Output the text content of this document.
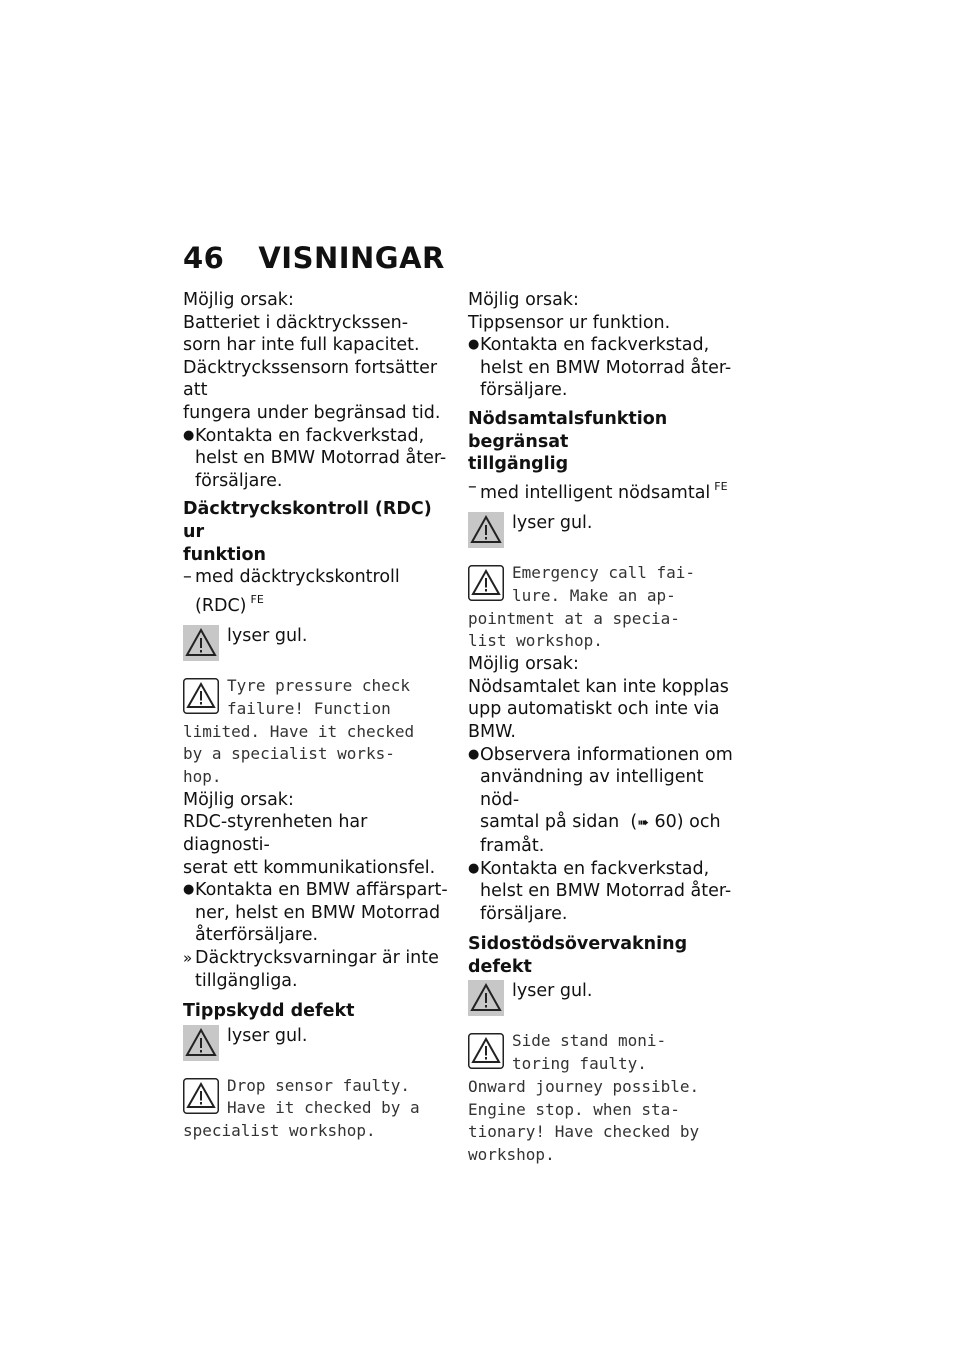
46 VISNINGAR

Möjlig orsak:

Batteriet i däcktryckssen-

sorn har inte full kapacitet.

Däcktryckssensorn fortsätter att

fungera under begränsad tid.

● Kontakta en fackverkstad,

helst en BMW Motorrad åter-

försäljare.

Däcktryckskontroll (RDC) ur

funktion

– med däcktryckskontroll

(RDC) $^{FE}$

lyser gul.

Tyre pressure check

failure! Function

limited. Have it checked

by a specialist works-

hop.

Möjlig orsak:

RDC-styrenheten har diagnosti-

serat ett kommunikationsfel.

● Kontakta en BMW affärspart-

ner, helst en BMW Motorrad

återförsäljare.

» Däcktrycksvarningar är inte

tillgängliga.

Tippskydd defekt

lyser gul.

Drop sensor faulty.

Have it checked by a

specialist workshop.

Möjlig orsak:

Tippsensor ur funktion.

● Kontakta en fackverkstad,

helst en BMW Motorrad åter-

försäljare.

Nödsamtalsfunktion begränsat

tillgänglig

– med intelligent nödsamtal $^{FE}$
lyser gul.

Emergency call fai-

lure. Make an ap-

pointment at a specia-

list workshop.

Möjlig orsak:

Nödsamtalet kan inte kopplas

upp automatiskt och inte via

BMW.

● Observera informationen om

användning av intelligent nöd-

samtal på sidan  (➠ 60) och

framåt.

● Kontakta en fackverkstad,

helst en BMW Motorrad åter-

försäljare.

Sidostödsövervakning defekt

lyser gul.

Side stand moni-

toring faulty.

Onward journey possible.

Engine stop. when sta-

tionary! Have checked by

workshop.
